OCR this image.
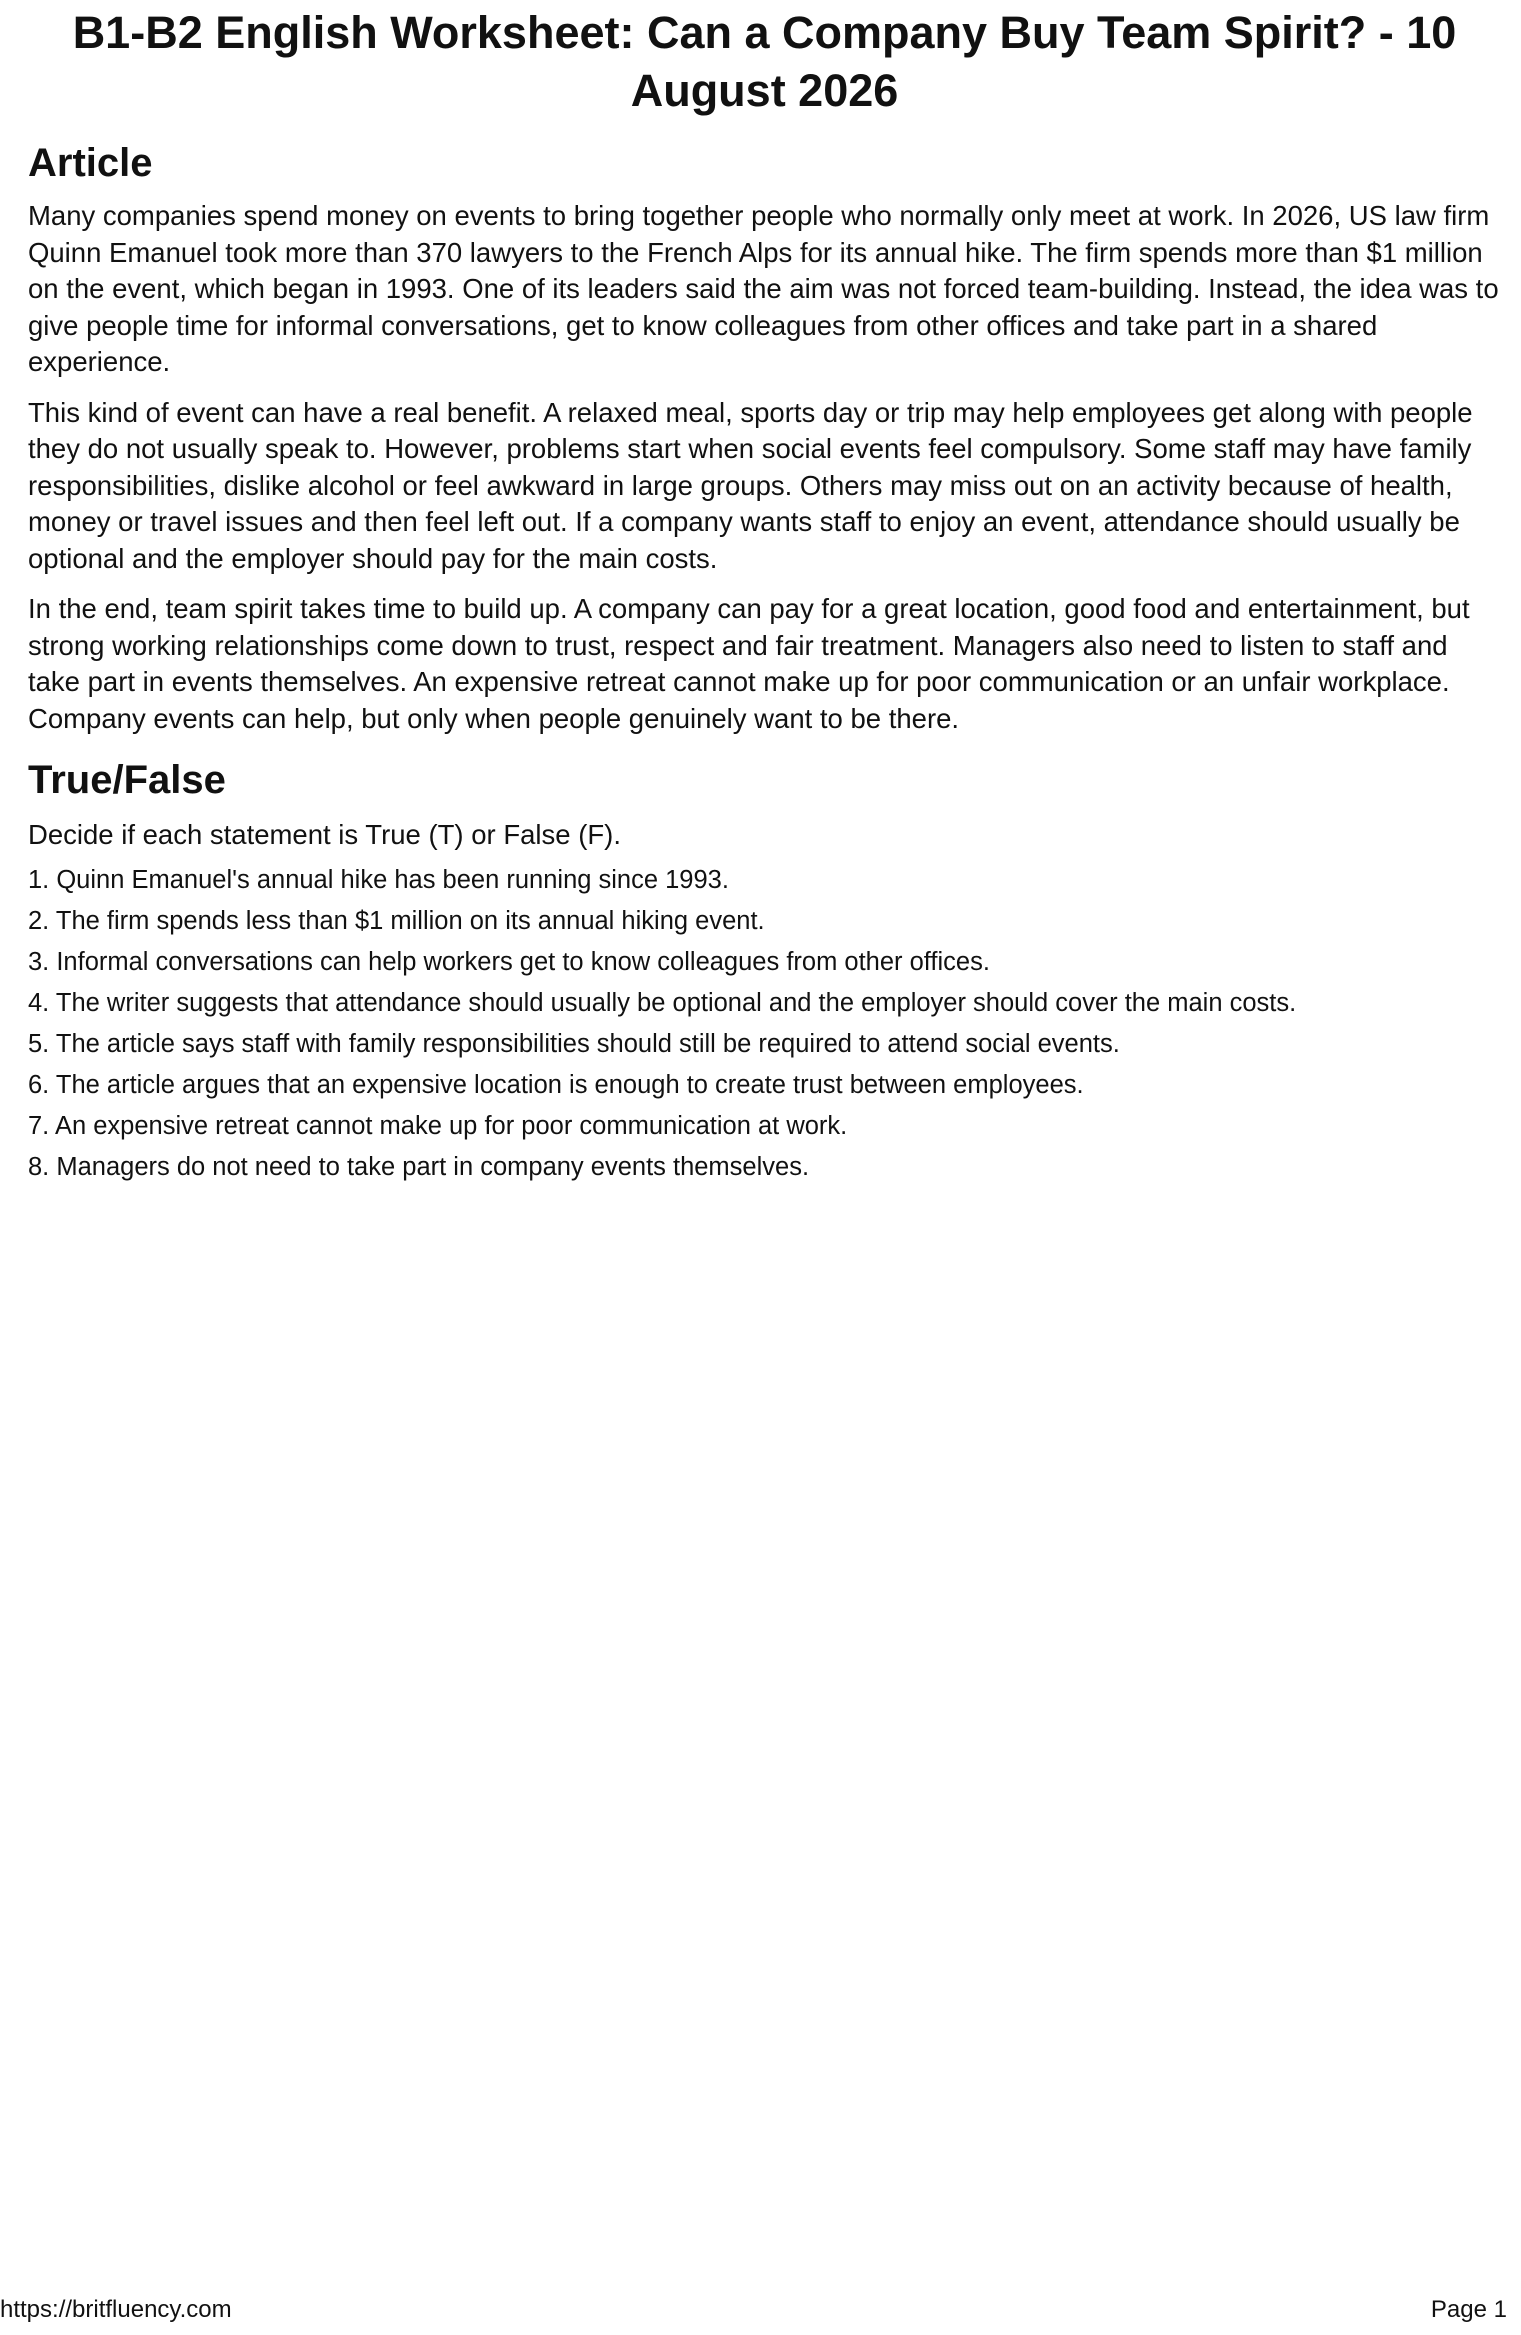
B1-B2 English Worksheet: Can a Company Buy Team Spirit? - 10 August 2026
Article

Many companies spend money on events to bring together people who normally only meet at work. In 2026, US law firm Quinn Emanuel took more than 370 lawyers to the French Alps for its annual hike. The firm spends more than $1 million on the event, which began in 1993. One of its leaders said the aim was not forced team-building. Instead, the idea was to give people time for informal conversations, get to know colleagues from other offices and take part in a shared experience.

This kind of event can have a real benefit. A relaxed meal, sports day or trip may help employees get along with people they do not usually speak to. However, problems start when social events feel compulsory. Some staff may have family responsibilities, dislike alcohol or feel awkward in large groups. Others may miss out on an activity because of health, money or travel issues and then feel left out. If a company wants staff to enjoy an event, attendance should usually be optional and the employer should pay for the main costs.

In the end, team spirit takes time to build up. A company can pay for a great location, good food and entertainment, but strong working relationships come down to trust, respect and fair treatment. Managers also need to listen to staff and take part in events themselves. An expensive retreat cannot make up for poor communication or an unfair workplace. Company events can help, but only when people genuinely want to be there.

True/False

Decide if each statement is True (T) or False (F).

1. Quinn Emanuel's annual hike has been running since 1993.
2. The firm spends less than $1 million on its annual hiking event.
3. Informal conversations can help workers get to know colleagues from other offices.
4. The writer suggests that attendance should usually be optional and the employer should cover the main costs.
5. The article says staff with family responsibilities should still be required to attend social events.
6. The article argues that an expensive location is enough to create trust between employees.
7. An expensive retreat cannot make up for poor communication at work.
8. Managers do not need to take part in company events themselves.
https://britfluency.com	Page 1
